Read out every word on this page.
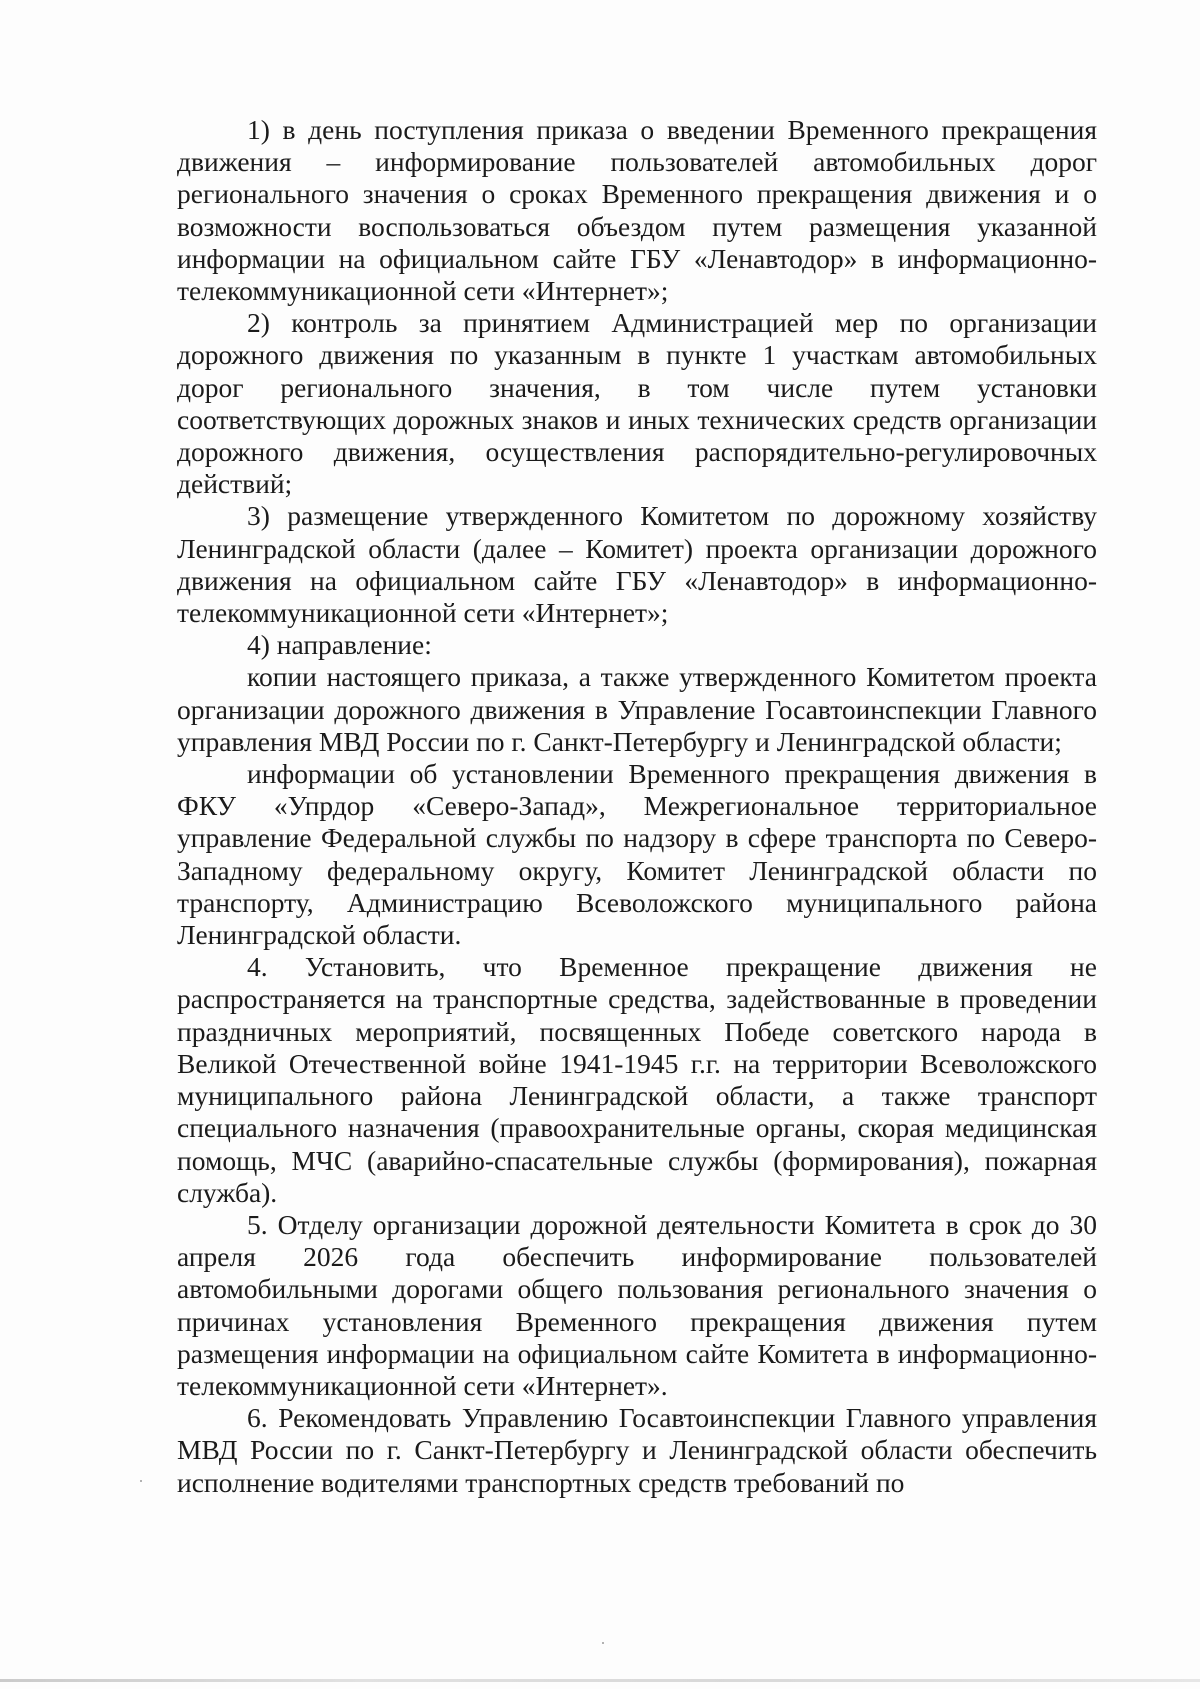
1) в день поступления приказа о введении Временного прекращения движения – информирование пользователей автомобильных дорог регионального значения о сроках Временного прекращения движения и о возможности воспользоваться объездом путем размещения указанной информации на официальном сайте ГБУ «Ленавтодор» в информационно-телекоммуникационной сети «Интернет»;

2) контроль за принятием Администрацией мер по организации дорожного движения по указанным в пункте 1 участкам автомобильных дорог регионального значения, в том числе путем установки соответствующих дорожных знаков и иных технических средств организации дорожного движения, осуществления распорядительно-регулировочных действий;

3) размещение утвержденного Комитетом по дорожному хозяйству Ленинградской области (далее – Комитет) проекта организации дорожного движения на официальном сайте ГБУ «Ленавтодор» в информационно-телекоммуникационной сети «Интернет»;

4) направление:

копии настоящего приказа, а также утвержденного Комитетом проекта организации дорожного движения в Управление Госавтоинспекции Главного управления МВД России по г. Санкт-Петербургу и Ленинградской области;

информации об установлении Временного прекращения движения в ФКУ «Упрдор «Северо-Запад», Межрегиональное территориальное управление Федеральной службы по надзору в сфере транспорта по Северо-Западному федеральному округу, Комитет Ленинградской области по транспорту, Администрацию Всеволожского муниципального района Ленинградской области.

4. Установить, что Временное прекращение движения не распространяется на транспортные средства, задействованные в проведении праздничных мероприятий, посвященных Победе советского народа в Великой Отечественной войне 1941-1945 г.г. на территории Всеволожского муниципального района Ленинградской области, а также транспорт специального назначения (правоохранительные органы, скорая медицинская помощь, МЧС (аварийно-спасательные службы (формирования), пожарная служба).

5. Отделу организации дорожной деятельности Комитета в срок до 30 апреля 2026 года обеспечить информирование пользователей автомобильными дорогами общего пользования регионального значения о причинах установления Временного прекращения движения путем размещения информации на официальном сайте Комитета в информационно-телекоммуникационной сети «Интернет».

6. Рекомендовать Управлению Госавтоинспекции Главного управления МВД России по г. Санкт-Петербургу и Ленинградской области обеспечить исполнение водителями транспортных средств требований по
